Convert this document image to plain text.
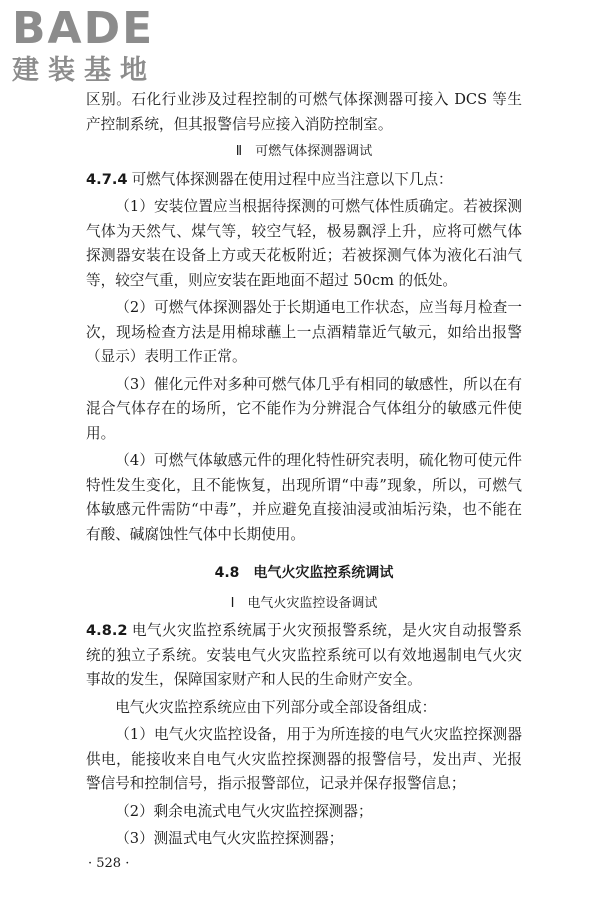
BADE
建装基地

区别。石化行业涉及过程控制的可燃气体探测器可接入 DCS 等生产控制系统，但其报警信号应接入消防控制室。

Ⅱ　可燃气体探测器调试

4.7.4 可燃气体探测器在使用过程中应当注意以下几点：

（1）安装位置应当根据待探测的可燃气体性质确定。若被探测气体为天然气、煤气等，较空气轻，极易飘浮上升，应将可燃气体探测器安装在设备上方或天花板附近；若被探测气体为液化石油气等，较空气重，则应安装在距地面不超过 50cm 的低处。

（2）可燃气体探测器处于长期通电工作状态，应当每月检查一次，现场检查方法是用棉球蘸上一点酒精靠近气敏元，如给出报警（显示）表明工作正常。

（3）催化元件对多种可燃气体几乎有相同的敏感性，所以在有混合气体存在的场所，它不能作为分辨混合气体组分的敏感元件使用。

（4）可燃气体敏感元件的理化特性研究表明，硫化物可使元件特性发生变化，且不能恢复，出现所谓“中毒”现象，所以，可燃气体敏感元件需防“中毒”，并应避免直接油浸或油垢污染，也不能在有酸、碱腐蚀性气体中长期使用。

4.8　电气火灾监控系统调试
Ⅰ　电气火灾监控设备调试

4.8.2 电气火灾监控系统属于火灾预报警系统，是火灾自动报警系统的独立子系统。安装电气火灾监控系统可以有效地遏制电气火灾事故的发生，保障国家财产和人民的生命财产安全。

电气火灾监控系统应由下列部分或全部设备组成：

（1）电气火灾监控设备，用于为所连接的电气火灾监控探测器供电，能接收来自电气火灾监控探测器的报警信号，发出声、光报警信号和控制信号，指示报警部位，记录并保存报警信息；

（2）剩余电流式电气火灾监控探测器；

（3）测温式电气火灾监控探测器；

· 528 ·
